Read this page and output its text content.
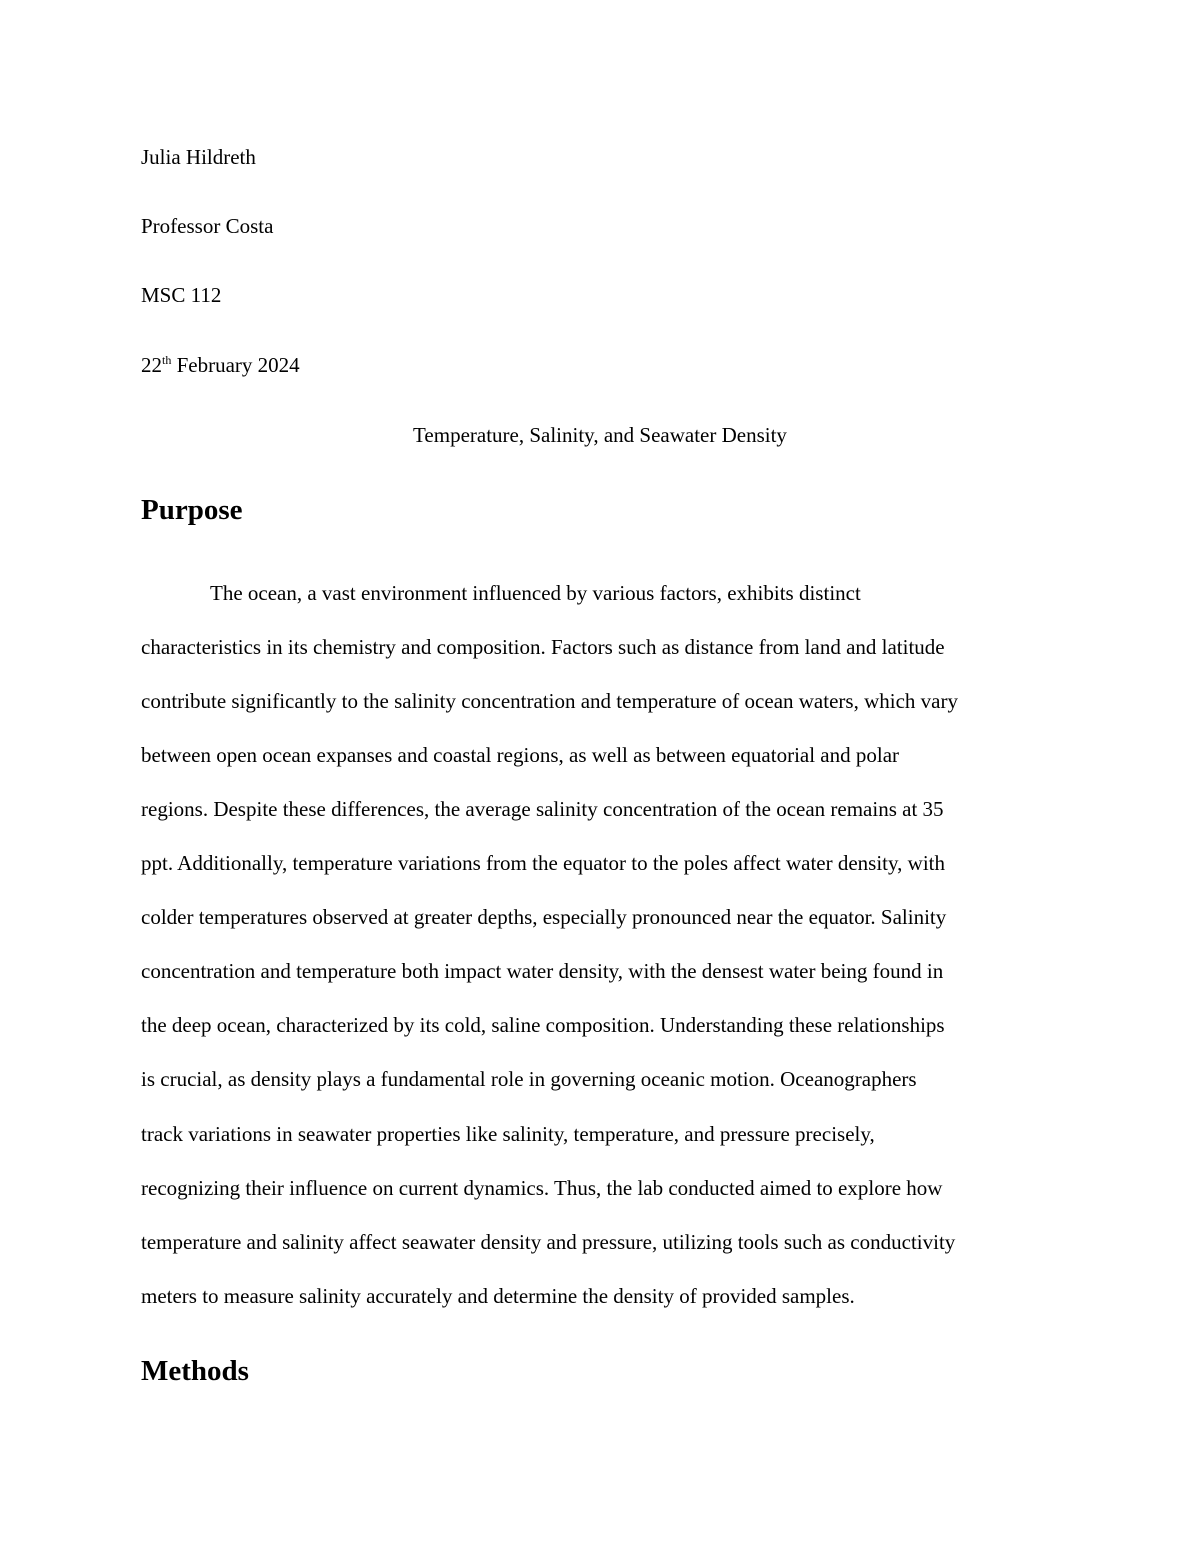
Julia Hildreth

Professor Costa

MSC 112

22th February 2024

Temperature, Salinity, and Seawater Density

Purpose

The ocean, a vast environment influenced by various factors, exhibits distinct

characteristics in its chemistry and composition. Factors such as distance from land and latitude

contribute significantly to the salinity concentration and temperature of ocean waters, which vary

between open ocean expanses and coastal regions, as well as between equatorial and polar

regions. Despite these differences, the average salinity concentration of the ocean remains at 35

ppt. Additionally, temperature variations from the equator to the poles affect water density, with

colder temperatures observed at greater depths, especially pronounced near the equator. Salinity

concentration and temperature both impact water density, with the densest water being found in

the deep ocean, characterized by its cold, saline composition. Understanding these relationships

is crucial, as density plays a fundamental role in governing oceanic motion. Oceanographers

track variations in seawater properties like salinity, temperature, and pressure precisely,

recognizing their influence on current dynamics. Thus, the lab conducted aimed to explore how

temperature and salinity affect seawater density and pressure, utilizing tools such as conductivity

meters to measure salinity accurately and determine the density of provided samples.

Methods
